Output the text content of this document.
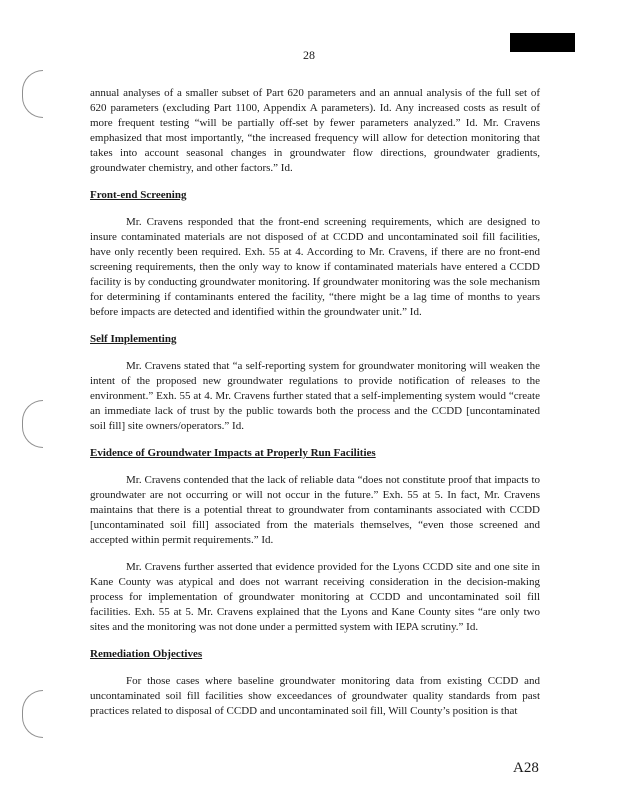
28

annual analyses of a smaller subset of Part 620 parameters and an annual analysis of the full set of 620 parameters (excluding Part 1100, Appendix A parameters). Id. Any increased costs as result of more frequent testing “will be partially off-set by fewer parameters analyzed.” Id. Mr. Cravens emphasized that most importantly, “the increased frequency will allow for detection monitoring that takes into account seasonal changes in groundwater flow directions, groundwater gradients, groundwater chemistry, and other factors.” Id.

Front-end Screening

Mr. Cravens responded that the front-end screening requirements, which are designed to insure contaminated materials are not disposed of at CCDD and uncontaminated soil fill facilities, have only recently been required. Exh. 55 at 4. According to Mr. Cravens, if there are no front-end screening requirements, then the only way to know if contaminated materials have entered a CCDD facility is by conducting groundwater monitoring. If groundwater monitoring was the sole mechanism for determining if contaminants entered the facility, “there might be a lag time of months to years before impacts are detected and identified within the groundwater unit.” Id.

Self Implementing

Mr. Cravens stated that “a self-reporting system for groundwater monitoring will weaken the intent of the proposed new groundwater regulations to provide notification of releases to the environment.” Exh. 55 at 4. Mr. Cravens further stated that a self-implementing system would “create an immediate lack of trust by the public towards both the process and the CCDD [uncontaminated soil fill] site owners/operators.” Id.

Evidence of Groundwater Impacts at Properly Run Facilities

Mr. Cravens contended that the lack of reliable data “does not constitute proof that impacts to groundwater are not occurring or will not occur in the future.” Exh. 55 at 5. In fact, Mr. Cravens maintains that there is a potential threat to groundwater from contaminants associated with CCDD [uncontaminated soil fill] associated from the materials themselves, “even those screened and accepted within permit requirements.” Id.

Mr. Cravens further asserted that evidence provided for the Lyons CCDD site and one site in Kane County was atypical and does not warrant receiving consideration in the decision-making process for implementation of groundwater monitoring at CCDD and uncontaminated soil fill facilities. Exh. 55 at 5. Mr. Cravens explained that the Lyons and Kane County sites “are only two sites and the monitoring was not done under a permitted system with IEPA scrutiny.” Id.

Remediation Objectives

For those cases where baseline groundwater monitoring data from existing CCDD and uncontaminated soil fill facilities show exceedances of groundwater quality standards from past practices related to disposal of CCDD and uncontaminated soil fill, Will County’s position is that

A28
